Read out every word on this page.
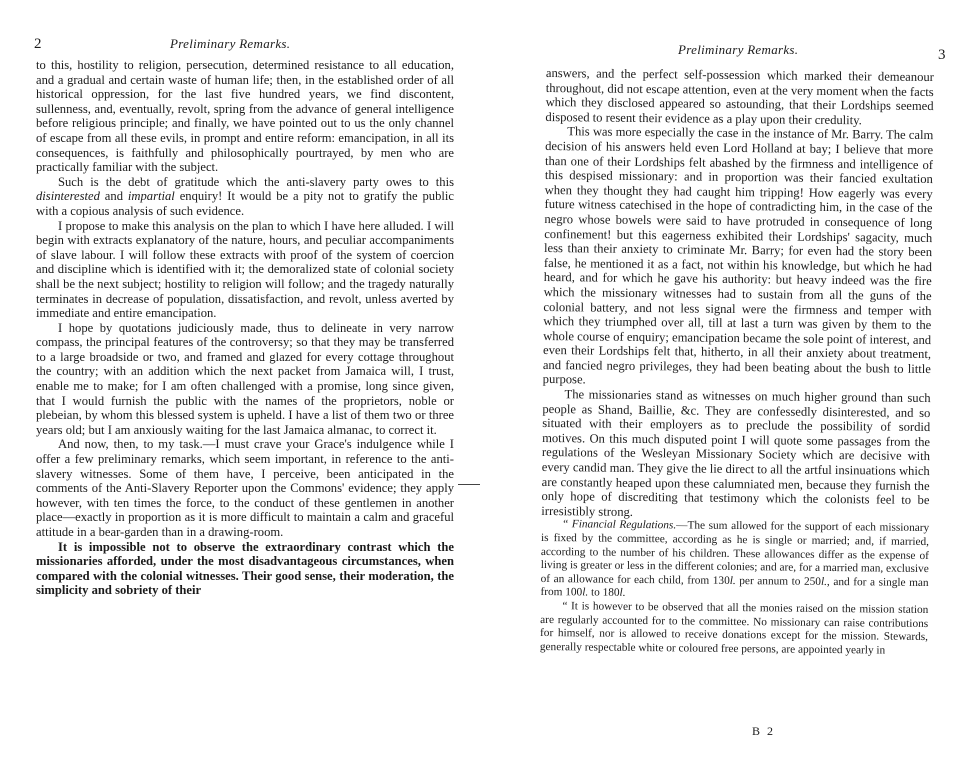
2	Preliminary Remarks.

to this, hostility to religion, persecution, determined resistance to all education, and a gradual and certain waste of human life; then, in the established order of all historical oppression, for the last five hundred years, we find discontent, sullenness, and, eventually, revolt, spring from the advance of general intelligence before religious principle; and finally, we have pointed out to us the only channel of escape from all these evils, in prompt and entire reform: emancipation, in all its consequences, is faithfully and philosophically pourtrayed, by men who are practically familiar with the subject.

Such is the debt of gratitude which the anti-slavery party owes to this disinterested and impartial enquiry! It would be a pity not to gratify the public with a copious analysis of such evidence.

I propose to make this analysis on the plan to which I have here alluded. I will begin with extracts explanatory of the nature, hours, and peculiar accompaniments of slave labour. I will follow these extracts with proof of the system of coercion and discipline which is identified with it; the demoralized state of colonial society shall be the next subject; hostility to religion will follow; and the tragedy naturally terminates in decrease of population, dissatisfaction, and revolt, unless averted by immediate and entire emancipation.

I hope by quotations judiciously made, thus to delineate in very narrow compass, the principal features of the controversy; so that they may be transferred to a large broadside or two, and framed and glazed for every cottage throughout the country; with an addition which the next packet from Jamaica will, I trust, enable me to make; for I am often challenged with a promise, long since given, that I would furnish the public with the names of the proprietors, noble or plebeian, by whom this blessed system is upheld. I have a list of them two or three years old; but I am anxiously waiting for the last Jamaica almanac, to correct it.

And now, then, to my task.—I must crave your Grace's indulgence while I offer a few preliminary remarks, which seem important, in reference to the anti-slavery witnesses. Some of them have, I perceive, been anticipated in the comments of the Anti-Slavery Reporter upon the Commons' evidence; they apply however, with ten times the force, to the conduct of these gentlemen in another place—exactly in proportion as it is more difficult to maintain a calm and graceful attitude in a bear-garden than in a drawing-room.

It is impossible not to observe the extraordinary contrast which the missionaries afforded, under the most disadvantageous circumstances, when compared with the colonial witnesses. Their good sense, their moderation, the simplicity and sobriety of their

Preliminary Remarks.	3

answers, and the perfect self-possession which marked their demeanour throughout, did not escape attention, even at the very moment when the facts which they disclosed appeared so astounding, that their Lordships seemed disposed to resent their evidence as a play upon their credulity.

This was more especially the case in the instance of Mr. Barry. The calm decision of his answers held even Lord Holland at bay; I believe that more than one of their Lordships felt abashed by the firmness and intelligence of this despised missionary: and in proportion was their fancied exultation when they thought they had caught him tripping! How eagerly was every future witness catechised in the hope of contradicting him, in the case of the negro whose bowels were said to have protruded in consequence of long confinement! but this eagerness exhibited their Lordships' sagacity, much less than their anxiety to criminate Mr. Barry; for even had the story been false, he mentioned it as a fact, not within his knowledge, but which he had heard, and for which he gave his authority: but heavy indeed was the fire which the missionary witnesses had to sustain from all the guns of the colonial battery, and not less signal were the firmness and temper with which they triumphed over all, till at last a turn was given by them to the whole course of enquiry; emancipation became the sole point of interest, and even their Lordships felt that, hitherto, in all their anxiety about treatment, and fancied negro privileges, they had been beating about the bush to little purpose.

The missionaries stand as witnesses on much higher ground than such people as Shand, Baillie, &c. They are confessedly disinterested, and so situated with their employers as to preclude the possibility of sordid motives. On this much disputed point I will quote some passages from the regulations of the Wesleyan Missionary Society which are decisive with every candid man. They give the lie direct to all the artful insinuations which are constantly heaped upon these calumniated men, because they furnish the only hope of discrediting that testimony which the colonists feel to be irresistibly strong.

“ Financial Regulations.—The sum allowed for the support of each missionary is fixed by the committee, according as he is single or married; and, if married, according to the number of his children. These allowances differ as the expense of living is greater or less in the different colonies; and are, for a married man, exclusive of an allowance for each child, from 130l. per annum to 250l., and for a single man from 100l. to 180l.

“ It is however to be observed that all the monies raised on the mission station are regularly accounted for to the committee. No missionary can raise contributions for himself, nor is allowed to receive donations except for the mission. Stewards, generally respectable white or coloured free persons, are appointed yearly in

B 2
